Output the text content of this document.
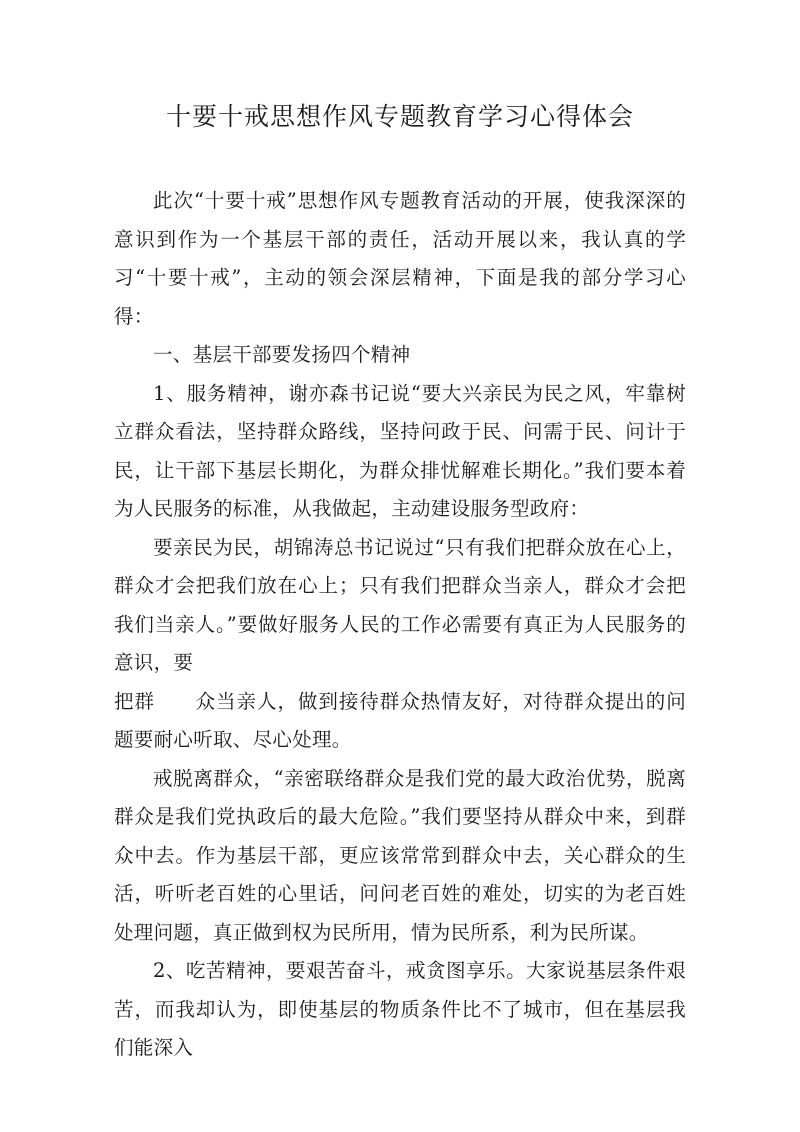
十要十戒思想作风专题教育学习心得体会

此次“十要十戒”思想作风专题教育活动的开展，使我深深的意识到作为一个基层干部的责任，活动开展以来，我认真的学习“十要十戒”，主动的领会深层精神，下面是我的部分学习心得：

一、基层干部要发扬四个精神

1、服务精神，谢亦森书记说“要大兴亲民为民之风，牢靠树立群众看法，坚持群众路线，坚持问政于民、问需于民、问计于民，让干部下基层长期化，为群众排忧解难长期化。”我们要本着为人民服务的标准，从我做起，主动建设服务型政府：

要亲民为民，胡锦涛总书记说过“只有我们把群众放在心上，群众才会把我们放在心上；只有我们把群众当亲人，群众才会把我们当亲人。”要做好服务人民的工作必需要有真正为人民服务的意识，要

把群 众当亲人，做到接待群众热情友好，对待群众提出的问题要耐心听取、尽心处理。

戒脱离群众，“亲密联络群众是我们党的最大政治优势，脱离群众是我们党执政后的最大危险。”我们要坚持从群众中来，到群众中去。作为基层干部，更应该常常到群众中去，关心群众的生活，听听老百姓的心里话，问问老百姓的难处，切实的为老百姓处理问题，真正做到权为民所用，情为民所系，利为民所谋。

2、吃苦精神，要艰苦奋斗，戒贪图享乐。大家说基层条件艰苦，而我却认为，即使基层的物质条件比不了城市，但在基层我们能深入
